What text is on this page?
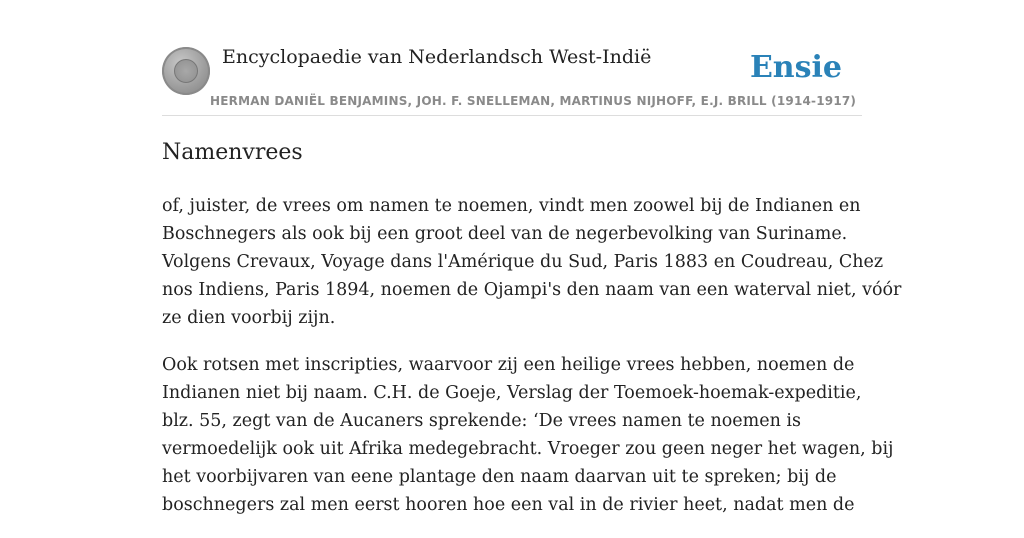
Encyclopaedie van Nederlandsch West-Indië	Ensie
HERMAN DANIËL BENJAMINS, JOH. F. SNELLEMAN, MARTINUS NIJHOFF, E.J. BRILL (1914-1917)
Namenvrees

of, juister, de vrees om namen te noemen, vindt men zoowel bij de Indianen en
Boschnegers als ook bij een groot deel van de negerbevolking van Suriname.
Volgens Crevaux, Voyage dans l'Amérique du Sud, Paris 1883 en Coudreau, Chez
nos Indiens, Paris 1894, noemen de Ojampi's den naam van een waterval niet, vóór
ze dien voorbij zijn.

Ook rotsen met inscripties, waarvoor zij een heilige vrees hebben, noemen de
Indianen niet bij naam. C.H. de Goeje, Verslag der Toemoek-hoemak-expeditie,
blz. 55, zegt van de Aucaners sprekende: ‘De vrees namen te noemen is
vermoedelijk ook uit Afrika medegebracht. Vroeger zou geen neger het wagen, bij
het voorbijvaren van eene plantage den naam daarvan uit te spreken; bij de
boschnegers zal men eerst hooren hoe een val in de rivier heet, nadat men de
